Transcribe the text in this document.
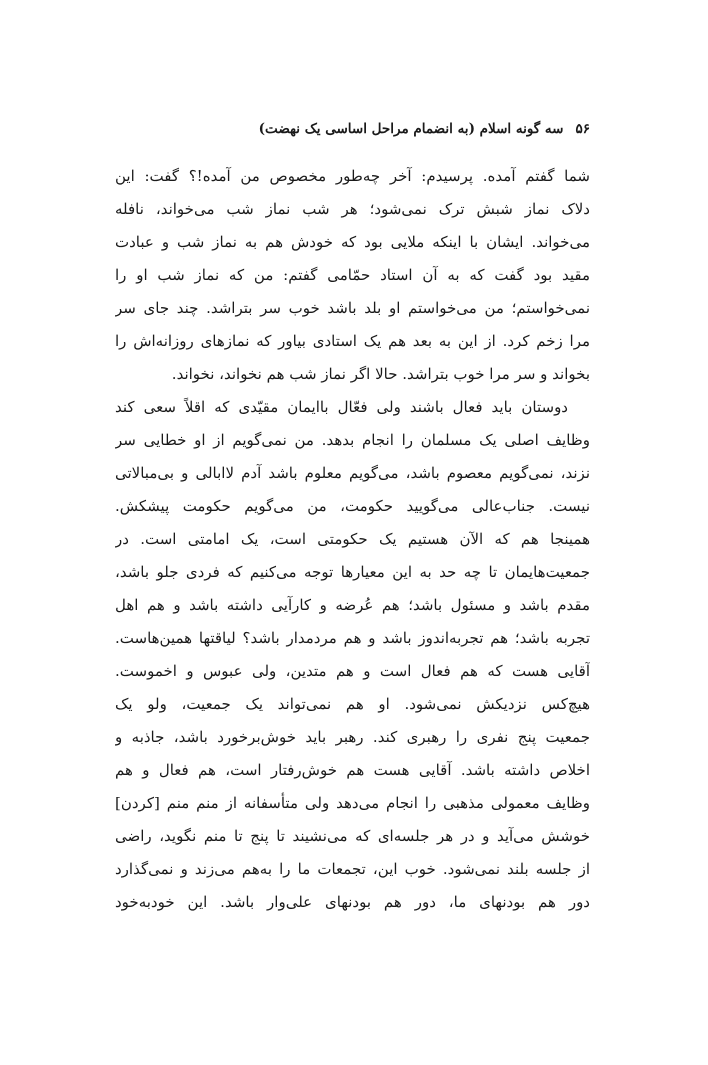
۵۶سه گونه اسلام (به انضمام مراحل اساسی یک نهضت)
شما گفتم آمده. پرسیدم: آخر چه‌طور مخصوص من آمده!؟ گفت: این
دلاک نماز شبش ترک نمی‌شود؛ هر شب نماز شب می‌خواند، نافله
می‌خواند. ایشان با اینکه ملایی بود که خودش هم به نماز شب و عبادت
مقید بود گفت که به آن استاد حمّامی گفتم: من که نماز شب او را
نمی‌خواستم؛ من می‌خواستم او بلد باشد خوب سر بتراشد. چند جای سر
مرا زخم کرد. از این به بعد هم یک استادی بیاور که نمازهای روزانه‌اش را
بخواند و سر مرا خوب بتراشد. حالا اگر نماز شب هم نخواند، نخواند.
دوستان باید فعال باشند ولی فعّال باایمان مقیّدی که اقلاً سعی کند
وظایف اصلی یک مسلمان را انجام بدهد. من نمی‌گویم از او خطایی سر
نزند، نمی‌گویم معصوم باشد، می‌گویم معلوم باشد آدم لاابالی و بی‌مبالاتی
نیست. جناب‌عالی می‌گویید حکومت، من می‌گویم حکومت پیشکش.
همینجا هم که الآن هستیم یک حکومتی است، یک امامتی است. در
جمعیت‌هایمان تا چه حد به این معیارها توجه می‌کنیم که فردی جلو باشد،
مقدم باشد و مسئول باشد؛ هم عُرضه و کارآیی داشته باشد و هم اهل
تجربه باشد؛ هم تجربه‌اندوز باشد و هم مردمدار باشد؟ لیاقتها همین‌هاست.
آقایی هست که هم فعال است و هم متدین، ولی عبوس و اخموست.
هیچ‌کس نزدیکش نمی‌شود. او هم نمی‌تواند یک جمعیت، ولو یک
جمعیت پنج نفری را رهبری کند. رهبر باید خوش‌برخورد باشد، جاذبه و
اخلاص داشته باشد. آقایی هست هم خوش‌رفتار است، هم فعال و هم
وظایف معمولی مذهبی را انجام می‌دهد ولی متأسفانه از منم منم [کردن]
خوشش می‌آید و در هر جلسه‌ای که می‌نشیند تا پنج تا منم نگوید، راضی
از جلسه بلند نمی‌شود. خوب این، تجمعات ما را به‌هم می‌زند و نمی‌گذارد
دور هم بودنهای ما، دور هم بودنهای علی‌وار باشد. این خودبه‌خود
